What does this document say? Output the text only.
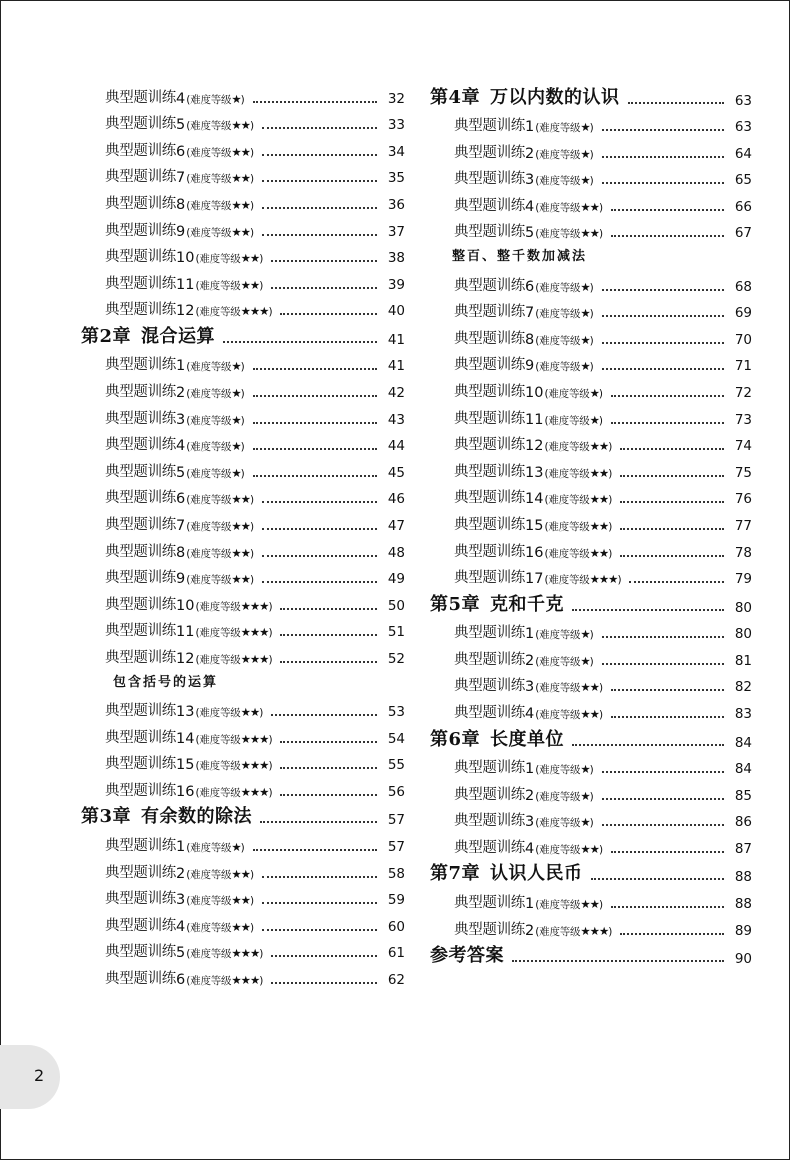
典型题训练 4 (难度等级★)	32
典型题训练 5 (难度等级★★)	33
典型题训练 6 (难度等级★★)	34
典型题训练 7 (难度等级★★)	35
典型题训练 8 (难度等级★★)	36
典型题训练 9 (难度等级★★)	37
典型题训练 10 (难度等级★★)	38
典型题训练 11 (难度等级★★)	39
典型题训练 12 (难度等级★★★)	40
第2章 混合运算	41
典型题训练 1 (难度等级★)	41
典型题训练 2 (难度等级★)	42
典型题训练 3 (难度等级★)	43
典型题训练 4 (难度等级★)	44
典型题训练 5 (难度等级★)	45
典型题训练 6 (难度等级★★)	46
典型题训练 7 (难度等级★★)	47
典型题训练 8 (难度等级★★)	48
典型题训练 9 (难度等级★★)	49
典型题训练 10 (难度等级★★★)	50
典型题训练 11 (难度等级★★★)	51
典型题训练 12 (难度等级★★★)	52
包含括号的运算
典型题训练 13 (难度等级★★)	53
典型题训练 14 (难度等级★★★)	54
典型题训练 15 (难度等级★★★)	55
典型题训练 16 (难度等级★★★)	56
第3章 有余数的除法	57
典型题训练 1 (难度等级★)	57
典型题训练 2 (难度等级★★)	58
典型题训练 3 (难度等级★★)	59
典型题训练 4 (难度等级★★)	60
典型题训练 5 (难度等级★★★)	61
典型题训练 6 (难度等级★★★)	62
第4章 万以内数的认识	63
典型题训练 1 (难度等级★)	63
典型题训练 2 (难度等级★)	64
典型题训练 3 (难度等级★)	65
典型题训练 4 (难度等级★★)	66
典型题训练 5 (难度等级★★)	67
整百、整千数加减法
典型题训练 6 (难度等级★)	68
典型题训练 7 (难度等级★)	69
典型题训练 8 (难度等级★)	70
典型题训练 9 (难度等级★)	71
典型题训练 10 (难度等级★)	72
典型题训练 11 (难度等级★)	73
典型题训练 12 (难度等级★★)	74
典型题训练 13 (难度等级★★)	75
典型题训练 14 (难度等级★★)	76
典型题训练 15 (难度等级★★)	77
典型题训练 16 (难度等级★★)	78
典型题训练 17 (难度等级★★★)	79
第5章 克和千克	80
典型题训练 1 (难度等级★)	80
典型题训练 2 (难度等级★)	81
典型题训练 3 (难度等级★★)	82
典型题训练 4 (难度等级★★)	83
第6章 长度单位	84
典型题训练 1 (难度等级★)	84
典型题训练 2 (难度等级★)	85
典型题训练 3 (难度等级★)	86
典型题训练 4 (难度等级★★)	87
第7章 认识人民币	88
典型题训练 1 (难度等级★★)	88
典型题训练 2 (难度等级★★★)	89
参考答案	90
2
